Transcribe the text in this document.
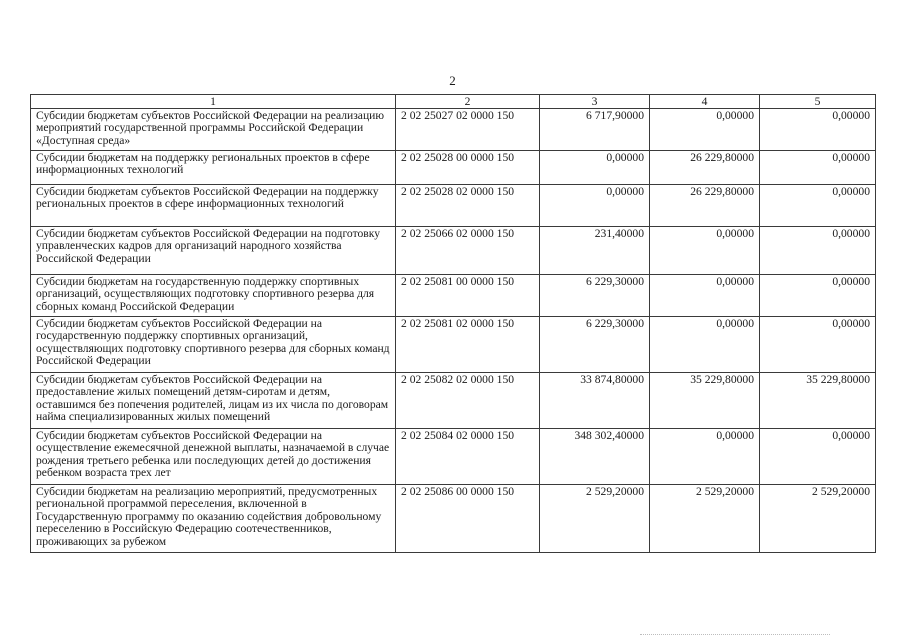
2
1	2	3	4	5
Субсидии бюджетам субъектов Российской Федерации на реализацию мероприятий государственной программы Российской Федерации «Доступная среда»	2 02 25027 02 0000 150	6 717,90000	0,00000	0,00000
Субсидии бюджетам на поддержку региональных проектов в сфере информационных технологий	2 02 25028 00 0000 150	0,00000	26 229,80000	0,00000
Субсидии бюджетам субъектов Российской Федерации на поддержку региональных проектов в сфере информационных технологий	2 02 25028 02 0000 150	0,00000	26 229,80000	0,00000
Субсидии бюджетам субъектов Российской Федерации на подготовку управленческих кадров для организаций народного хозяйства Российской Федерации	2 02 25066 02 0000 150	231,40000	0,00000	0,00000
Субсидии бюджетам на государственную поддержку спортивных организаций, осуществляющих подготовку спортивного резерва для сборных команд Российской Федерации	2 02 25081 00 0000 150	6 229,30000	0,00000	0,00000
Субсидии бюджетам субъектов Российской Федерации на государственную поддержку спортивных организаций, осуществляющих подготовку спортивного резерва для сборных команд Российской Федерации	2 02 25081 02 0000 150	6 229,30000	0,00000	0,00000
Субсидии бюджетам субъектов Российской Федерации на предоставление жилых помещений детям-сиротам и детям, оставшимся без попечения родителей, лицам из их числа по договорам найма специализированных жилых помещений	2 02 25082 02 0000 150	33 874,80000	35 229,80000	35 229,80000
Субсидии бюджетам субъектов Российской Федерации на осуществление ежемесячной денежной выплаты, назначаемой в случае рождения третьего ребенка или последующих детей до достижения ребенком возраста трех лет	2 02 25084 02 0000 150	348 302,40000	0,00000	0,00000
Субсидии бюджетам на реализацию мероприятий, предусмотренных региональной программой переселения, включенной в Государственную программу по оказанию содействия добровольному переселению в Российскую Федерацию соотечественников, проживающих за рубежом	2 02 25086 00 0000 150	2 529,20000	2 529,20000	2 529,20000
